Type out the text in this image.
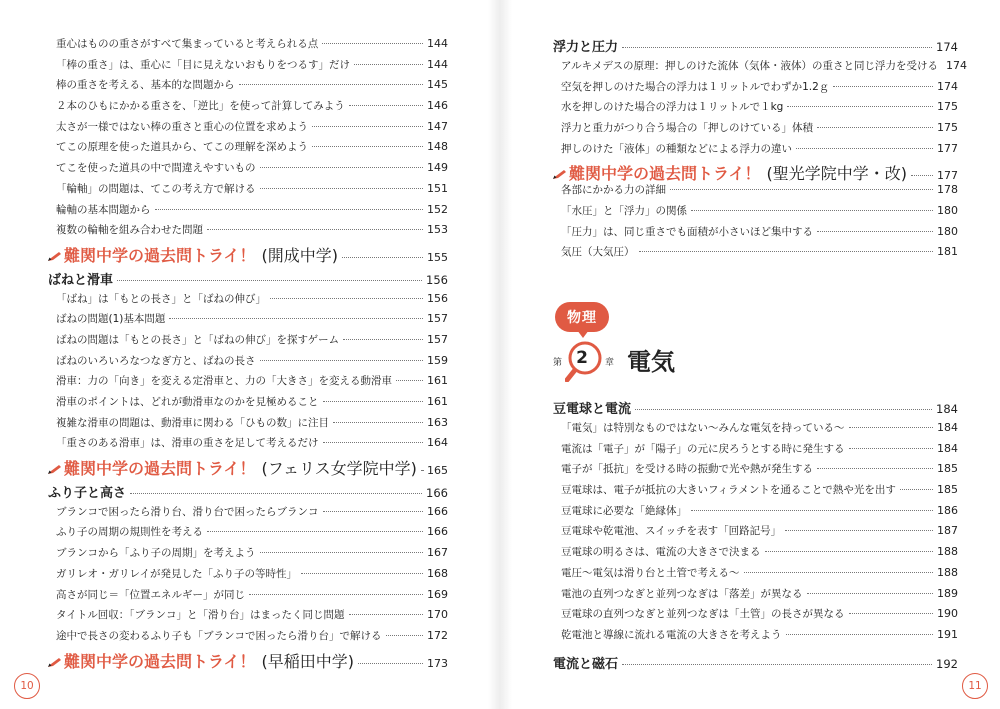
重心はものの重さがすべて集まっていると考えられる点	144
「棒の重さ」は、重心に「目に見えないおもりをつるす」だけ	144
棒の重さを考える、基本的な問題から	145
２本のひもにかかる重さを、「逆比」を使って計算してみよう	146
太さが一様ではない棒の重さと重心の位置を求めよう	147
てこの原理を使った道具から、てこの理解を深めよう	148
てこを使った道具の中で間違えやすいもの	149
「輪軸」の問題は、てこの考え方で解ける	151
輪軸の基本問題から	152
複数の輪軸を組み合わせた問題	153
難関中学の過去問トライ！ (開成中学)	155
ばねと滑車	156
「ばね」は「もとの長さ」と「ばねの伸び」	156
ばねの問題(1)基本問題	157
ばねの問題は「もとの長さ」と「ばねの伸び」を探すゲーム	157
ばねのいろいろなつなぎ方と、ばねの長さ	159
滑車：力の「向き」を変える定滑車と、力の「大きさ」を変える動滑車	161
滑車のポイントは、どれが動滑車なのかを見極めること	161
複雑な滑車の問題は、動滑車に関わる「ひもの数」に注目	163
「重さのある滑車」は、滑車の重さを足して考えるだけ	164
難関中学の過去問トライ！ (フェリス女学院中学) 165
ふり子と高さ	166
ブランコで困ったら滑り台、滑り台で困ったらブランコ	166
ふり子の周期の規則性を考える	166
ブランコから「ふり子の周期」を考えよう	167
ガリレオ・ガリレイが発見した「ふり子の等時性」	168
高さが同じ＝「位置エネルギー」が同じ	169
タイトル回収：「ブランコ」と「滑り台」はまったく同じ問題	170
途中で長さの変わるふり子も「ブランコで困ったら滑り台」で解ける	172
難関中学の過去問トライ！ (早稲田中学)	173
浮力と圧力	174
アルキメデスの原理：押しのけた流体（気体・液体）の重さと同じ浮力を受ける 174
空気を押しのけた場合の浮力は１リットルでわずか1.2ｇ	174
水を押しのけた場合の浮力は１リットルで１kg	175
浮力と重力がつり合う場合の「押しのけている」体積	175
押しのけた「液体」の種類などによる浮力の違い	177
難関中学の過去問トライ！ (聖光学院中学・改)	177
各部にかかる力の詳細	178
「水圧」と「浮力」の関係	180
「圧力」は、同じ重さでも面積が小さいほど集中する	180
気圧（大気圧）	181
物理
第 2	章 電気
豆電球と電流	184
「電気」は特別なものではない〜みんな電気を持っている〜	184
電流は「電子」が「陽子」の元に戻ろうとする時に発生する	184
電子が「抵抗」を受ける時の振動で光や熱が発生する	185
豆電球は、電子が抵抗の大きいフィラメントを通ることで熱や光を出す	185
豆電球に必要な「絶縁体」	186
豆電球や乾電池、スイッチを表す「回路記号」	187
豆電球の明るさは、電流の大きさで決まる	188
電圧〜電気は滑り台と土管で考える〜	188
電池の直列つなぎと並列つなぎは「落差」が異なる	189
豆電球の直列つなぎと並列つなぎは「土管」の長さが異なる	190
乾電池と導線に流れる電流の大きさを考えよう	191
電流と磁石	192
10	11
